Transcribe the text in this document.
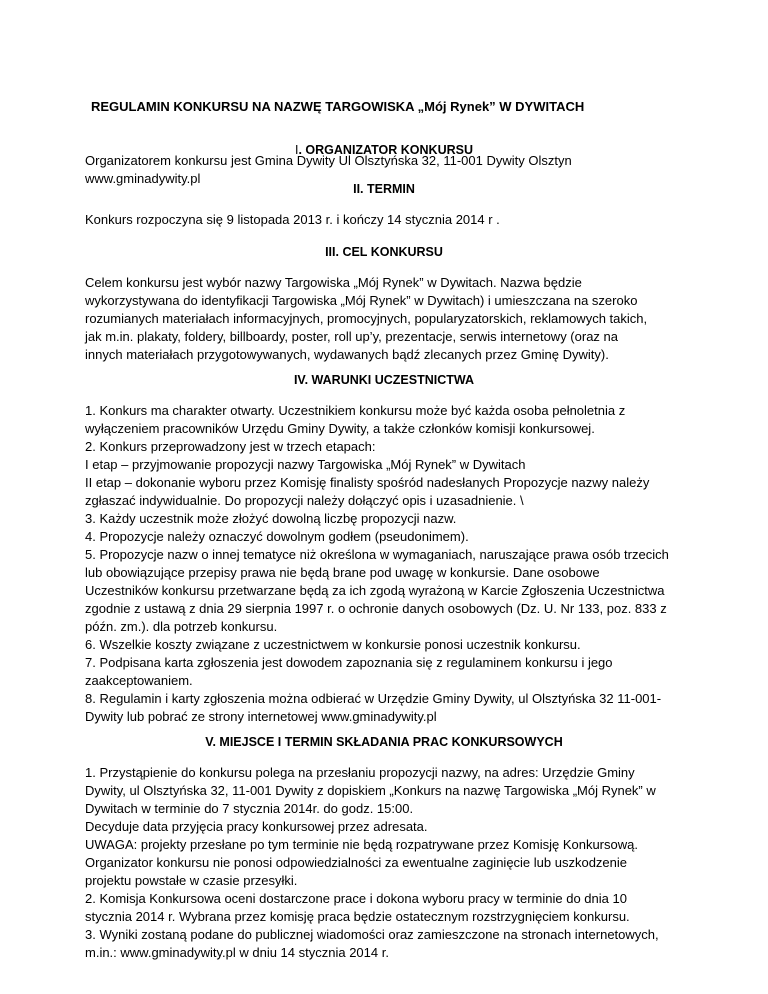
REGULAMIN KONKURSU NA NAZWĘ TARGOWISKA „Mój Rynek” W DYWITACH
I. ORGANIZATOR KONKURSU
Organizatorem konkursu jest Gmina Dywity Ul Olsztyńska 32, 11-001 Dywity Olsztyn
www.gminadywity.pl
II. TERMIN
Konkurs rozpoczyna się 9 listopada 2013 r. i kończy 14 stycznia 2014 r .
III. CEL KONKURSU
Celem konkursu jest wybór nazwy Targowiska „Mój Rynek” w Dywitach. Nazwa będzie
wykorzystywana do identyfikacji Targowiska „Mój Rynek” w Dywitach) i umieszczana na szeroko
rozumianych materiałach informacyjnych, promocyjnych, popularyzatorskich, reklamowych takich,
jak m.in. plakaty, foldery, billboardy, poster, roll up’y, prezentacje, serwis internetowy (oraz na
innych materiałach przygotowywanych, wydawanych bądź zlecanych przez Gminę Dywity).
IV. WARUNKI UCZESTNICTWA
1. Konkurs ma charakter otwarty. Uczestnikiem konkursu może być każda osoba pełnoletnia z
wyłączeniem pracowników Urzędu Gminy Dywity, a także członków komisji konkursowej.
2. Konkurs przeprowadzony jest w trzech etapach:
I etap – przyjmowanie propozycji nazwy Targowiska „Mój Rynek” w Dywitach
II etap – dokonanie wyboru przez Komisję finalisty spośród nadesłanych Propozycje nazwy należy
zgłaszać indywidualnie. Do propozycji należy dołączyć opis i uzasadnienie. \
3. Każdy uczestnik może złożyć dowolną liczbę propozycji nazw.
4. Propozycje należy oznaczyć dowolnym godłem (pseudonimem).
5. Propozycje nazw o innej tematyce niż określona w wymaganiach, naruszające prawa osób trzecich
lub obowiązujące przepisy prawa nie będą brane pod uwagę w konkursie. Dane osobowe
Uczestników konkursu przetwarzane będą za ich zgodą wyrażoną w Karcie Zgłoszenia Uczestnictwa
zgodnie z ustawą z dnia 29 sierpnia 1997 r. o ochronie danych osobowych (Dz. U. Nr 133, poz. 833 z
późn. zm.). dla potrzeb konkursu.
6. Wszelkie koszty związane z uczestnictwem w konkursie ponosi uczestnik konkursu.
7. Podpisana karta zgłoszenia jest dowodem zapoznania się z regulaminem konkursu i jego
zaakceptowaniem.
8. Regulamin i karty zgłoszenia można odbierać w Urzędzie Gminy Dywity, ul Olsztyńska 32 11-001-
Dywity lub pobrać ze strony internetowej www.gminadywity.pl
V. MIEJSCE I TERMIN SKŁADANIA PRAC KONKURSOWYCH
1. Przystąpienie do konkursu polega na przesłaniu propozycji nazwy, na adres: Urzędzie Gminy
Dywity, ul Olsztyńska 32, 11-001 Dywity z dopiskiem „Konkurs na nazwę Targowiska „Mój Rynek” w
Dywitach w terminie do 7 stycznia 2014r. do godz. 15:00.
Decyduje data przyjęcia pracy konkursowej przez adresata.
UWAGA: projekty przesłane po tym terminie nie będą rozpatrywane przez Komisję Konkursową.
Organizator konkursu nie ponosi odpowiedzialności za ewentualne zaginięcie lub uszkodzenie
projektu powstałe w czasie przesyłki.
2. Komisja Konkursowa oceni dostarczone prace i dokona wyboru pracy w terminie do dnia 10
stycznia 2014 r. Wybrana przez komisję praca będzie ostatecznym rozstrzygnięciem konkursu.
3. Wyniki zostaną podane do publicznej wiadomości oraz zamieszczone na stronach internetowych,
m.in.: www.gminadywity.pl w dniu 14 stycznia 2014 r.
